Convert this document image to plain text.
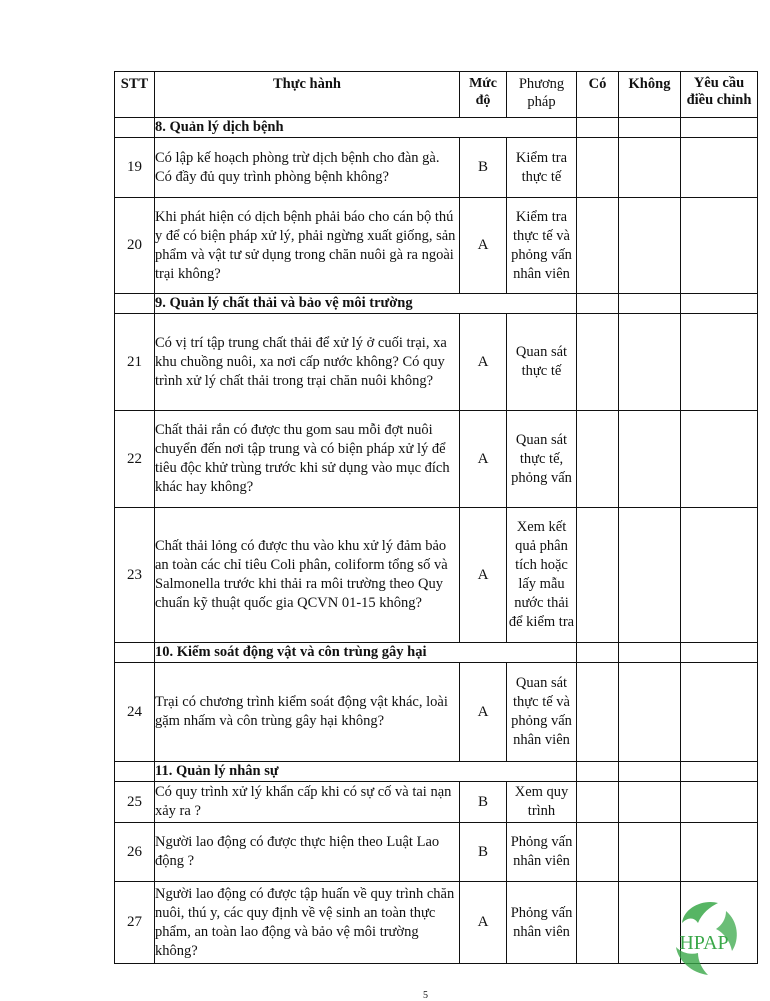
STT	Thực hành	Mức độ	Phương pháp	Có	Không	Yêu cầu điều chỉnh
	8. Quản lý dịch bệnh					
19	Có lập kế hoạch phòng trừ dịch bệnh cho đàn gà. Có đầy đủ quy trình phòng bệnh không?	B	Kiểm tra thực tế			
20	Khi phát hiện có dịch bệnh phải báo cho cán bộ thú y để có biện pháp xử lý, phải ngừng xuất giống, sản phẩm và vật tư sử dụng trong chăn nuôi gà ra ngoài trại không?	A	Kiểm tra thực tế và phỏng vấn nhân viên			
	9. Quản lý chất thải và bảo vệ môi trường					
21	Có vị trí tập trung chất thải để xử lý ở cuối trại, xa khu chuồng nuôi, xa nơi cấp nước không? Có quy trình xử lý chất thải trong trại chăn nuôi không?	A	Quan sát thực tế			
22	Chất thải rắn có được thu gom sau mỗi đợt nuôi chuyển đến nơi tập trung và có biện pháp xử lý để tiêu độc khử trùng trước khi sử dụng vào mục đích khác hay không?	A	Quan sát thực tế, phỏng vấn			
23	Chất thải lỏng có được thu vào khu xử lý đảm bảo an toàn các chỉ tiêu Coli phân, coliform tổng số và Salmonella trước khi thải ra môi trường theo Quy chuẩn kỹ thuật quốc gia QCVN 01-15 không?	A	Xem kết quả phân tích hoặc lấy mẫu nước thải để kiểm tra			
	10. Kiểm soát động vật và côn trùng gây hại					
24	Trại có chương trình kiểm soát động vật khác, loài gặm nhấm và côn trùng gây hại không?	A	Quan sát thực tế và phỏng vấn nhân viên			
	11. Quản lý nhân sự					
25	Có quy trình xử lý khẩn cấp khi có sự cố và tai nạn xảy ra ?	B	Xem quy trình			
26	Người lao động có được thực hiện theo Luật Lao động ?	B	Phỏng vấn nhân viên			
27	Người lao động có được tập huấn về quy trình chăn nuôi, thú y, các quy định về vệ sinh an toàn thực phẩm, an toàn lao động và bảo vệ môi trường không?	A	Phỏng vấn nhân viên			
HPAP
5
